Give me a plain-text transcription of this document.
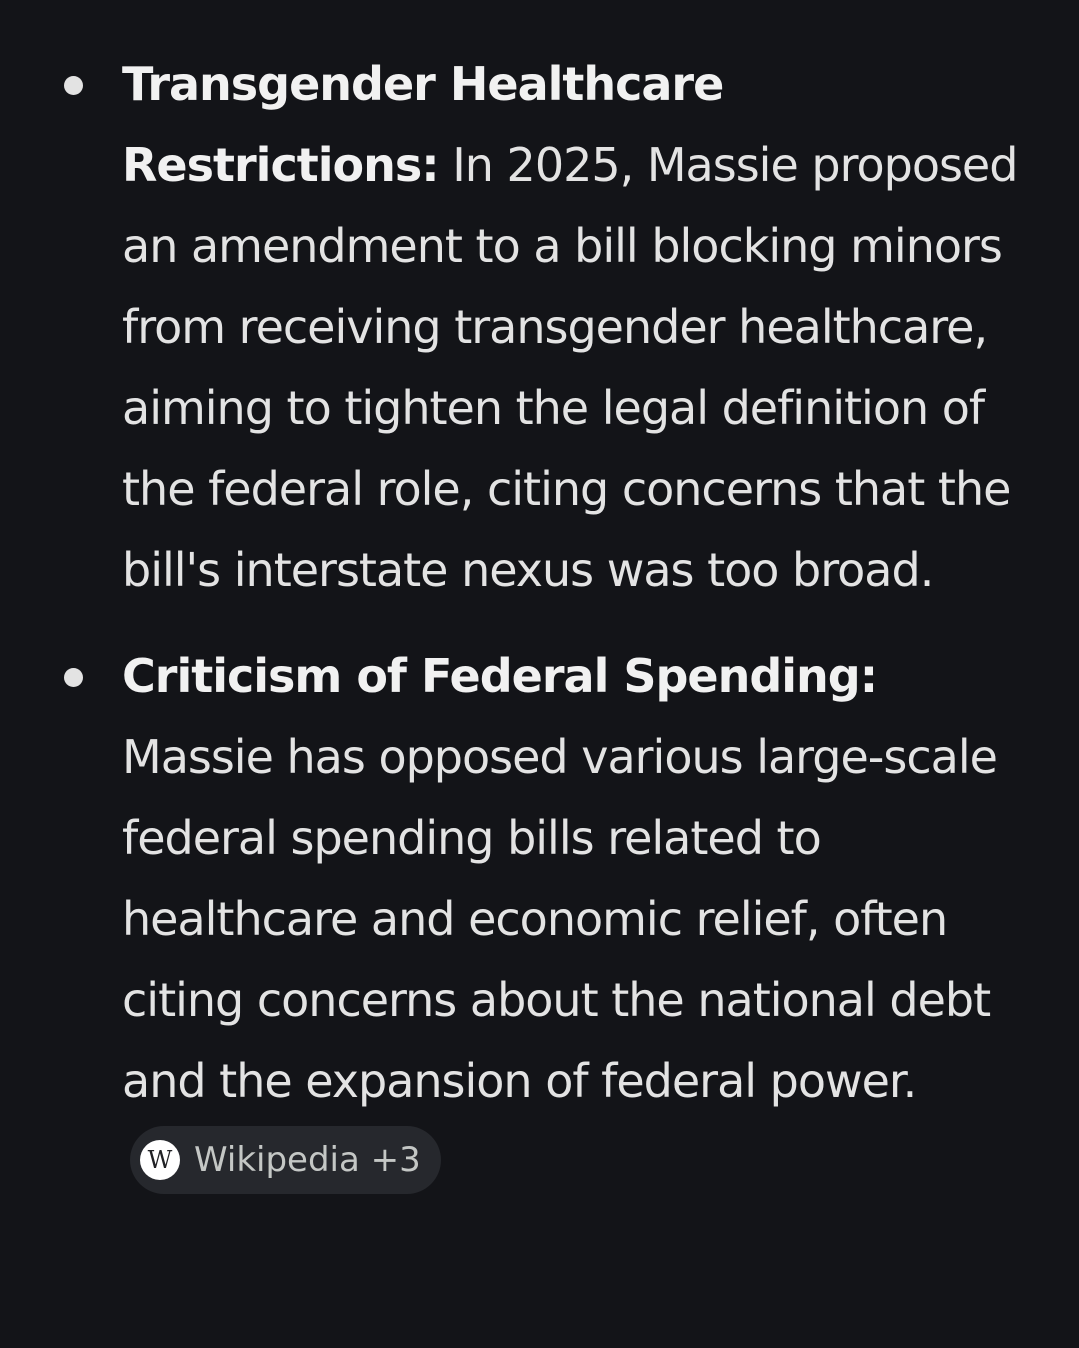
Transgender Healthcare Restrictions: In 2025, Massie proposed an amendment to a bill blocking minors from receiving transgender healthcare, aiming to tighten the legal definition of the federal role, citing concerns that the bill's interstate nexus was too broad.
Criticism of Federal Spending: Massie has opposed various large-scale federal spending bills related to healthcare and economic relief, often citing concerns about the national debt and the expansion of federal power.
W Wikipedia +3
